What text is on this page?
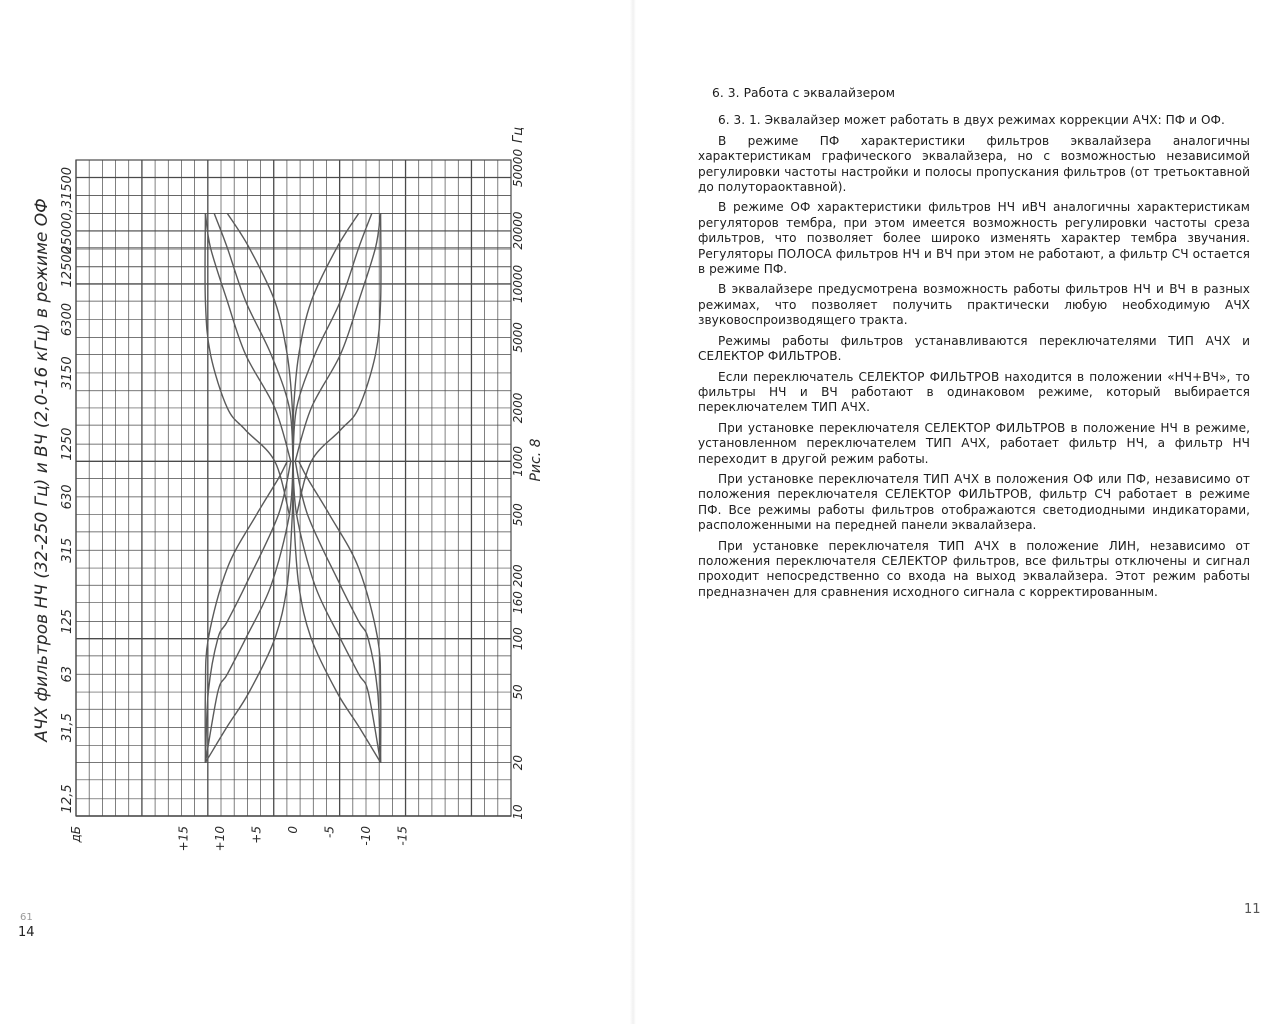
АЧХ фильтров НЧ (32-250 Гц) и ВЧ (2,0-16 кГц) в режиме ОФ
12,5
31,5
63
125
315
630
1250
3150
6300
12500
25000,31500
10
20
50
100
160 200
500
1000
2000
5000
10000
20000
50000
Гц
Рис. 8
+15 +10 +5 0 -5 -10 -15
дБ
61
14
6. 3. Работа с эквалайзером

6. 3. 1. Эквалайзер может работать в двух режимах коррекции АЧХ: ПФ и ОФ.

В режиме ПФ характеристики фильтров эквалайзера аналогичны характеристикам графического эквалайзера, но с возможностью независимой регулировки частоты настройки и полосы пропускания фильтров (от третьоктавной до полутораоктавной).

В режиме ОФ характеристики фильтров НЧ иВЧ аналогичны характеристикам регуляторов тембра, при этом имеется возможность регулировки частоты среза фильтров, что позволяет более широко изменять характер тембра звучания. Регуляторы ПОЛОСА фильтров НЧ и ВЧ при этом не работают, а фильтр СЧ остается в режиме ПФ.

В эквалайзере предусмотрена возможность работы фильтров НЧ и ВЧ в разных режимах, что позволяет получить практически любую необходимую АЧХ звуковоспроизводящего тракта.

Режимы работы фильтров устанавливаются переключателями ТИП АЧХ и СЕЛЕКТОР ФИЛЬТРОВ.

Если переключатель СЕЛЕКТОР ФИЛЬТРОВ находится в положении «НЧ+ВЧ», то фильтры НЧ и ВЧ работают в одинаковом режиме, который выбирается переключателем ТИП АЧХ.

При установке переключателя СЕЛЕКТОР ФИЛЬТРОВ в положение НЧ в режиме, установленном переключателем ТИП АЧХ, работает фильтр НЧ, а фильтр НЧ переходит в другой режим работы.

При установке переключателя ТИП АЧХ в положения ОФ или ПФ, независимо от положения переключателя СЕЛЕКТОР ФИЛЬТРОВ, фильтр СЧ работает в режиме ПФ. Все режимы работы фильтров отображаются светодиодными индикаторами, расположенными на передней панели эквалайзера.

При установке переключателя ТИП АЧХ в положение ЛИН, независимо от положения переключателя СЕЛЕКТОР фильтров, все фильтры отключены и сигнал проходит непосредственно со входа на выход эквалайзера. Этот режим работы предназначен для сравнения исходного сигнала с корректированным.

11
